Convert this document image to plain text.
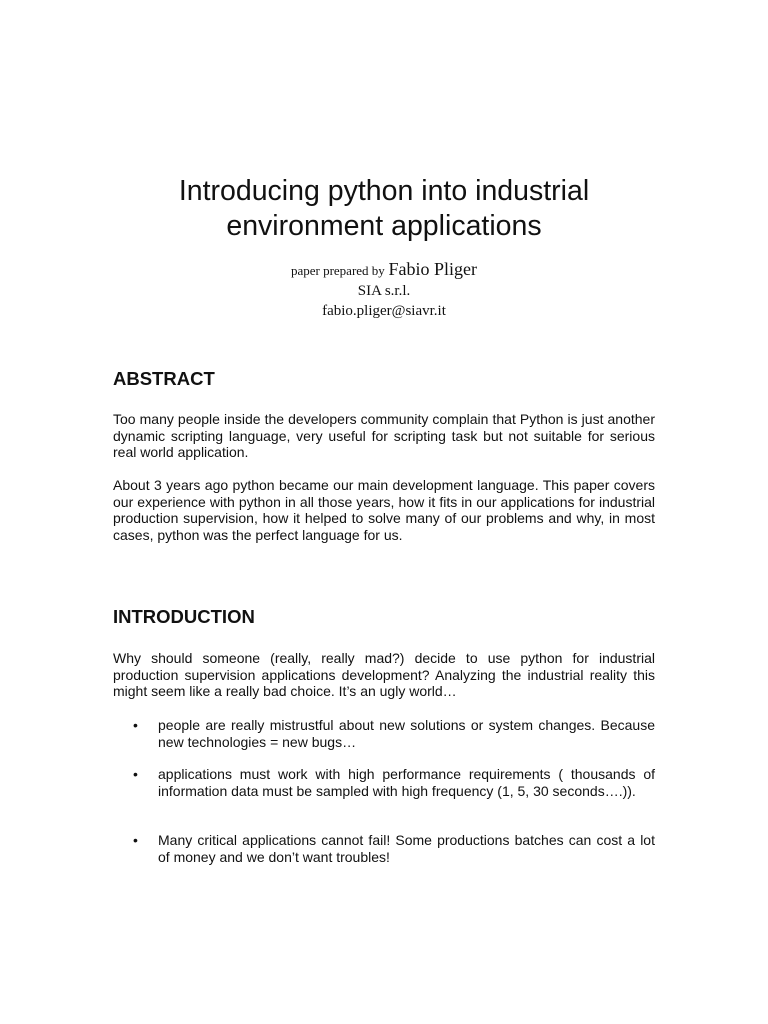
Introducing python into industrial
environment applications
paper prepared by Fabio Pliger
SIA s.r.l.
fabio.pliger@siavr.it
ABSTRACT

Too many people inside the developers community complain that Python is just another dynamic scripting language, very useful for scripting task but not suitable for serious real world application.

About 3 years ago python became our main development language. This paper covers our experience with python in all those years, how it fits in our applications for industrial production supervision, how it helped to solve many of our problems and why, in most cases, python was the perfect language for us.

INTRODUCTION

Why should someone (really, really mad?) decide to use python for industrial production supervision applications development? Analyzing the industrial reality this might seem like a really bad choice. It’s an ugly world…

•	people are really mistrustful about new solutions or system changes. Because new technologies = new bugs…
•	applications must work with high performance requirements ( thousands of information data must be sampled with high frequency (1, 5, 30 seconds….)).
•	Many critical applications cannot fail! Some productions batches can cost a lot of money and we don’t want troubles!
